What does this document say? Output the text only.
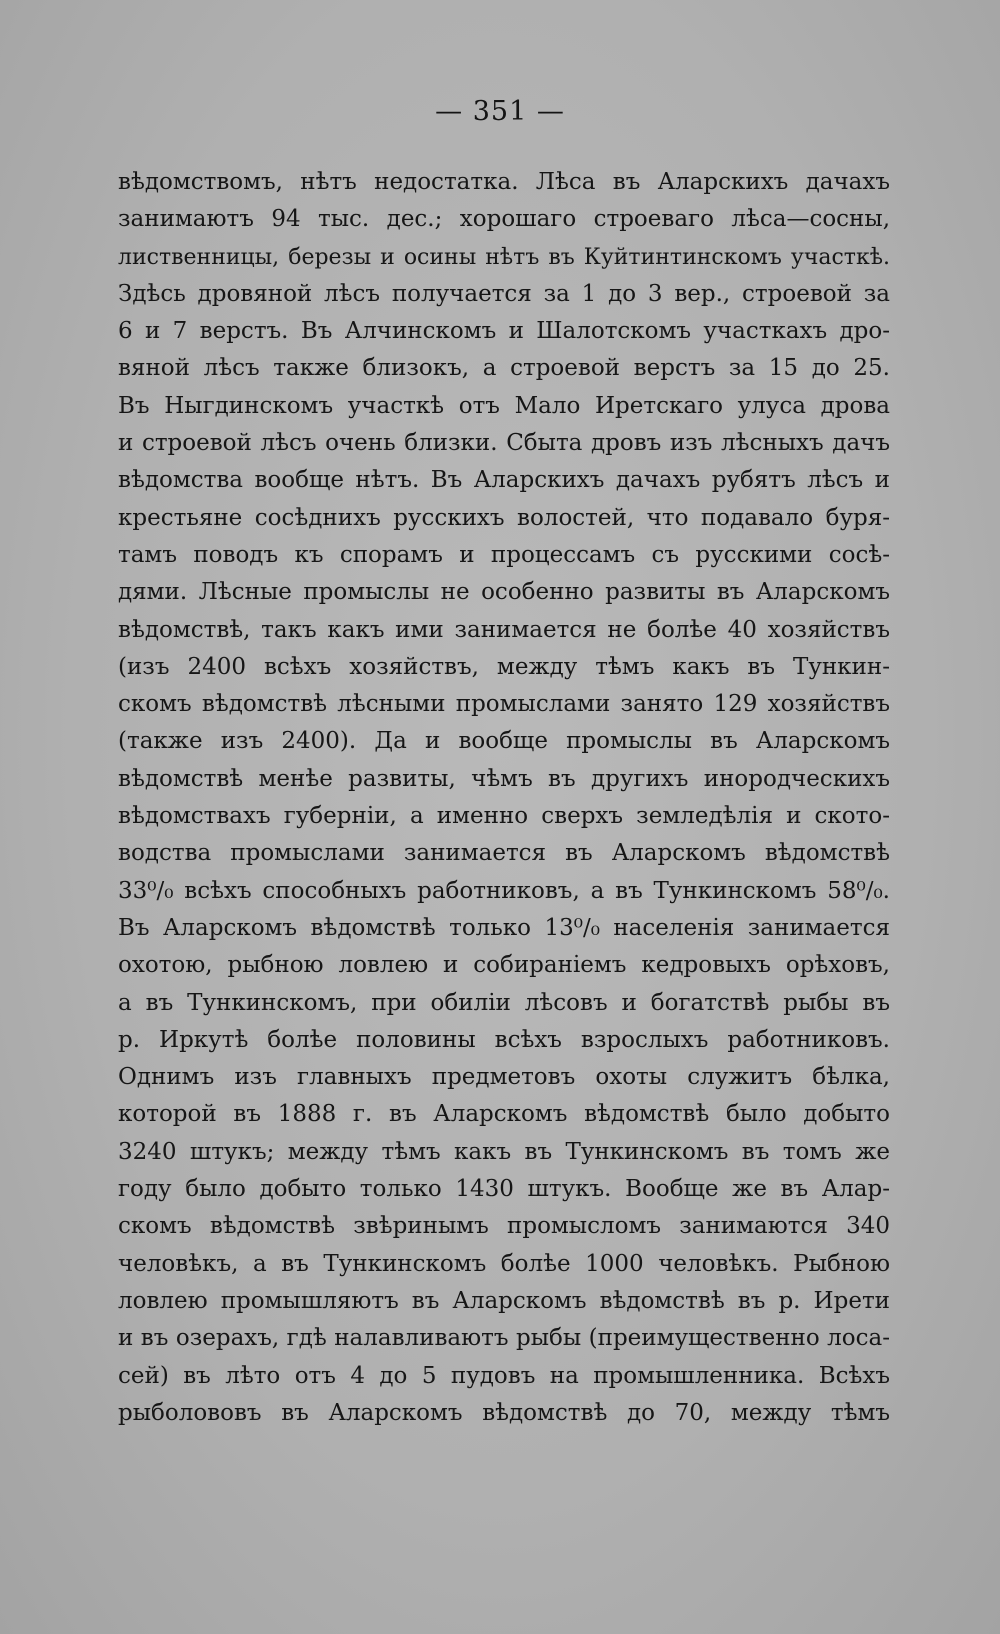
— 351 —
вѣдомствомъ, нѣтъ недостатка. Лѣса въ Аларскихъ дачахъ
занимаютъ 94 тыс. дес.; хорошаго строеваго лѣса—сосны,
лиственницы, березы и осины нѣтъ въ Куйтинтинскомъ участкѣ.
Здѣсь дровяной лѣсъ получается за 1 до 3 вер., строевой за
6 и 7 верстъ. Въ Алчинскомъ и Шалотскомъ участкахъ дро-
вяной лѣсъ также близокъ, а строевой верстъ за 15 до 25.
Въ Ныгдинскомъ участкѣ отъ Мало Иретскаго улуса дрова
и строевой лѣсъ очень близки. Сбыта дровъ изъ лѣсныхъ дачъ
вѣдомства вообще нѣтъ. Въ Аларскихъ дачахъ рубятъ лѣсъ и
крестьяне сосѣднихъ русскихъ волостей, что подавало буря-
тамъ поводъ къ спорамъ и процессамъ съ русскими сосѣ-
дями. Лѣсные промыслы не особенно развиты въ Аларскомъ
вѣдомствѣ, такъ какъ ими занимается не болѣе 40 хозяйствъ
(изъ 2400 всѣхъ хозяйствъ, между тѣмъ какъ въ Тункин-
скомъ вѣдомствѣ лѣсными промыслами занято 129 хозяйствъ
(также изъ 2400). Да и вообще промыслы въ Аларскомъ
вѣдомствѣ менѣе развиты, чѣмъ въ другихъ инородческихъ
вѣдомствахъ губерніи, а именно сверхъ земледѣлія и ското-
водства промыслами занимается въ Аларскомъ вѣдомствѣ
33⁰/₀ всѣхъ способныхъ работниковъ, а въ Тункинскомъ 58⁰/₀.
Въ Аларскомъ вѣдомствѣ только 13⁰/₀ населенія занимается
охотою, рыбною ловлею и собираніемъ кедровыхъ орѣховъ,
а въ Тункинскомъ, при обиліи лѣсовъ и богатствѣ рыбы въ
р. Иркутѣ болѣе половины всѣхъ взрослыхъ работниковъ.
Однимъ изъ главныхъ предметовъ охоты служитъ бѣлка,
которой въ 1888 г. въ Аларскомъ вѣдомствѣ было добыто
3240 штукъ; между тѣмъ какъ въ Тункинскомъ въ томъ же
году было добыто только 1430 штукъ. Вообще же въ Алар-
скомъ вѣдомствѣ звѣринымъ промысломъ занимаются 340
человѣкъ, а въ Тункинскомъ болѣе 1000 человѣкъ. Рыбною
ловлею промышляютъ въ Аларскомъ вѣдомствѣ въ р. Ирети
и въ озерахъ, гдѣ налавливаютъ рыбы (преимущественно лоса-
сей) въ лѣто отъ 4 до 5 пудовъ на промышленника. Всѣхъ
рыболововъ въ Аларскомъ вѣдомствѣ до 70, между тѣмъ
